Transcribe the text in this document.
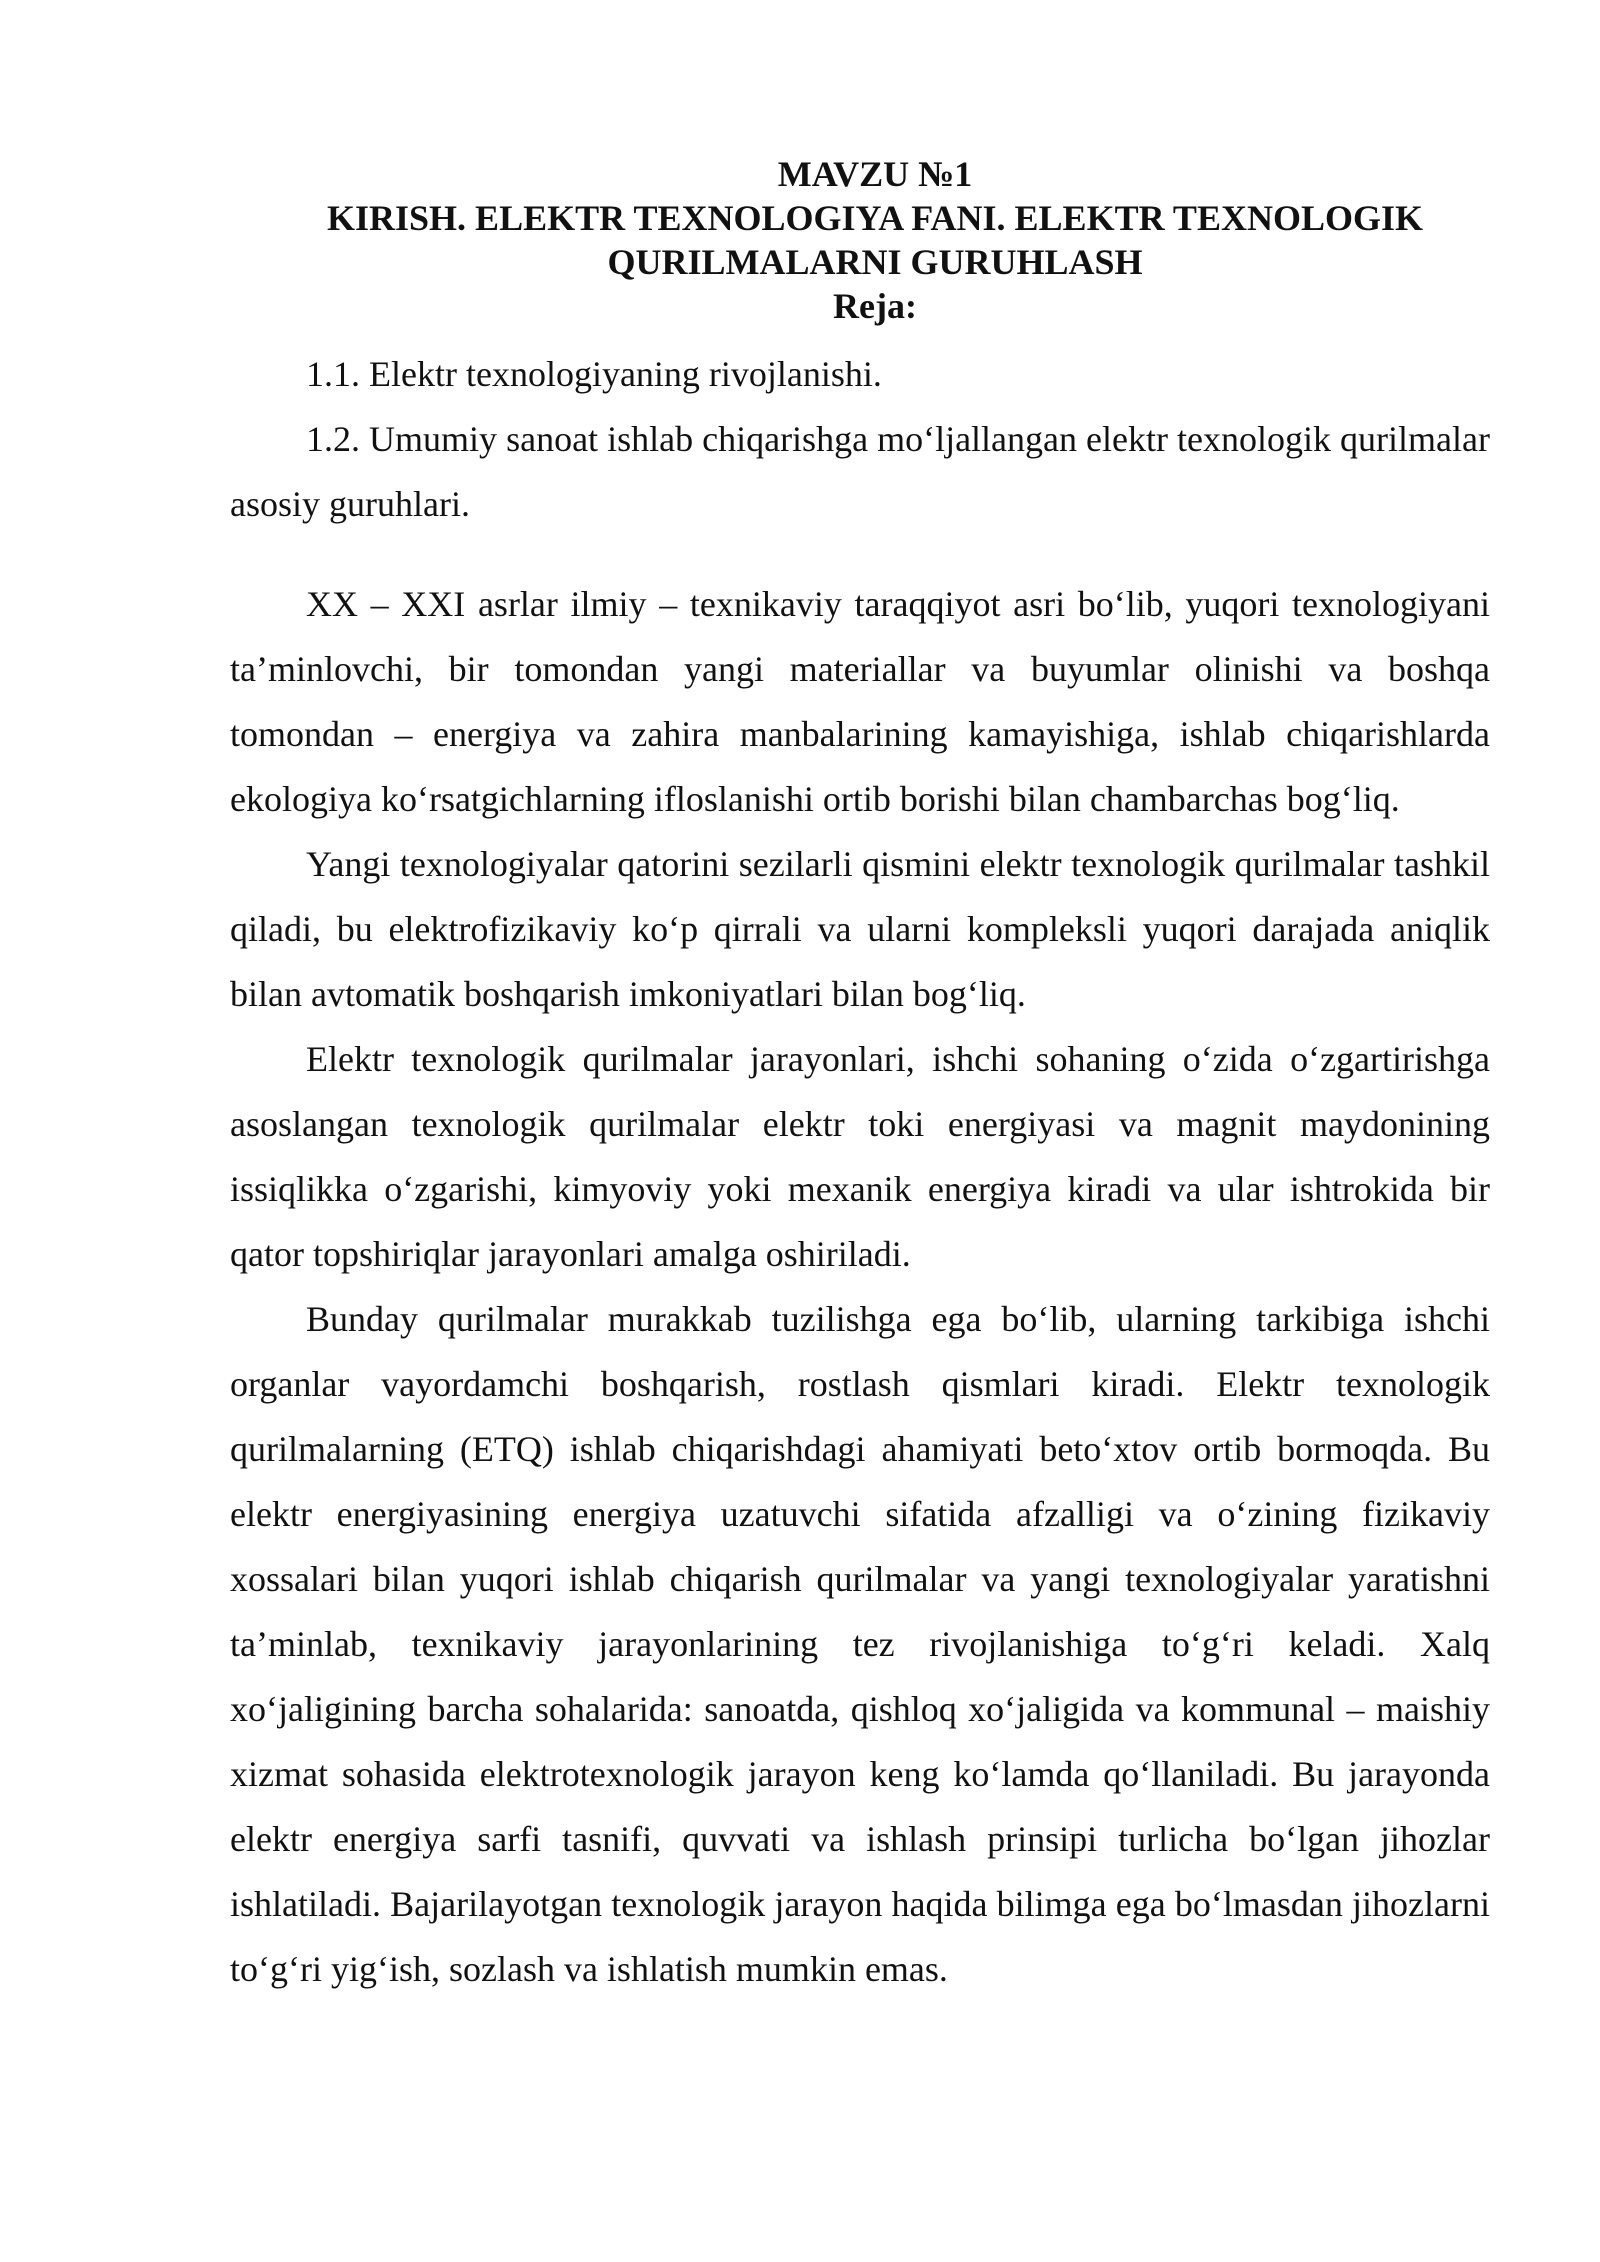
MAVZU №1
KIRISH. ELEKTR TEXNOLOGIYA FANI. ELEKTR TEXNOLOGIK
QURILMALARNI GURUHLASH
Reja:

1.1. Elektr texnologiyaning rivojlanishi.

1.2. Umumiy sanoat ishlab chiqarishga mo‘ljallangan elektr texnologik qurilmalar asosiy guruhlari.

XX – XXI asrlar ilmiy – texnikaviy taraqqiyot asri bo‘lib, yuqori texnologiyani ta’minlovchi, bir tomondan yangi materiallar va buyumlar olinishi va boshqa tomondan – energiya va zahira manbalarining kamayishiga, ishlab chiqarishlarda ekologiya ko‘rsatgichlarning ifloslanishi ortib borishi bilan chambarchas bog‘liq.

Yangi texnologiyalar qatorini sezilarli qismini elektr texnologik qurilmalar tashkil qiladi, bu elektrofizikaviy ko‘p qirrali va ularni kompleksli yuqori darajada aniqlik bilan avtomatik boshqarish imkoniyatlari bilan bog‘liq.

Elektr texnologik qurilmalar jarayonlari, ishchi sohaning o‘zida o‘zgartirishga asoslangan texnologik qurilmalar elektr toki energiyasi va magnit maydonining issiqlikka o‘zgarishi, kimyoviy yoki mexanik energiya kiradi va ular ishtrokida bir qator topshiriqlar jarayonlari amalga oshiriladi.

Bunday qurilmalar murakkab tuzilishga ega bo‘lib, ularning tarkibiga ishchi organlar vayordamchi boshqarish, rostlash qismlari kiradi. Elektr texnologik qurilmalarning (ETQ) ishlab chiqarishdagi ahamiyati beto‘xtov ortib bormoqda. Bu elektr energiyasining energiya uzatuvchi sifatida afzalligi va o‘zining fizikaviy xossalari bilan yuqori ishlab chiqarish qurilmalar va yangi texnologiyalar yaratishni ta’minlab, texnikaviy jarayonlarining tez rivojlanishiga to‘g‘ri keladi. Xalq xo‘jaligining barcha sohalarida: sanoatda, qishloq xo‘jaligida va kommunal – maishiy xizmat sohasida elektrotexnologik jarayon keng ko‘lamda qo‘llaniladi. Bu jarayonda elektr energiya sarfi tasnifi, quvvati va ishlash prinsipi turlicha bo‘lgan jihozlar ishlatiladi. Bajarilayotgan texnologik jarayon haqida bilimga ega bo‘lmasdan jihozlarni to‘g‘ri yig‘ish, sozlash va ishlatish mumkin emas.
